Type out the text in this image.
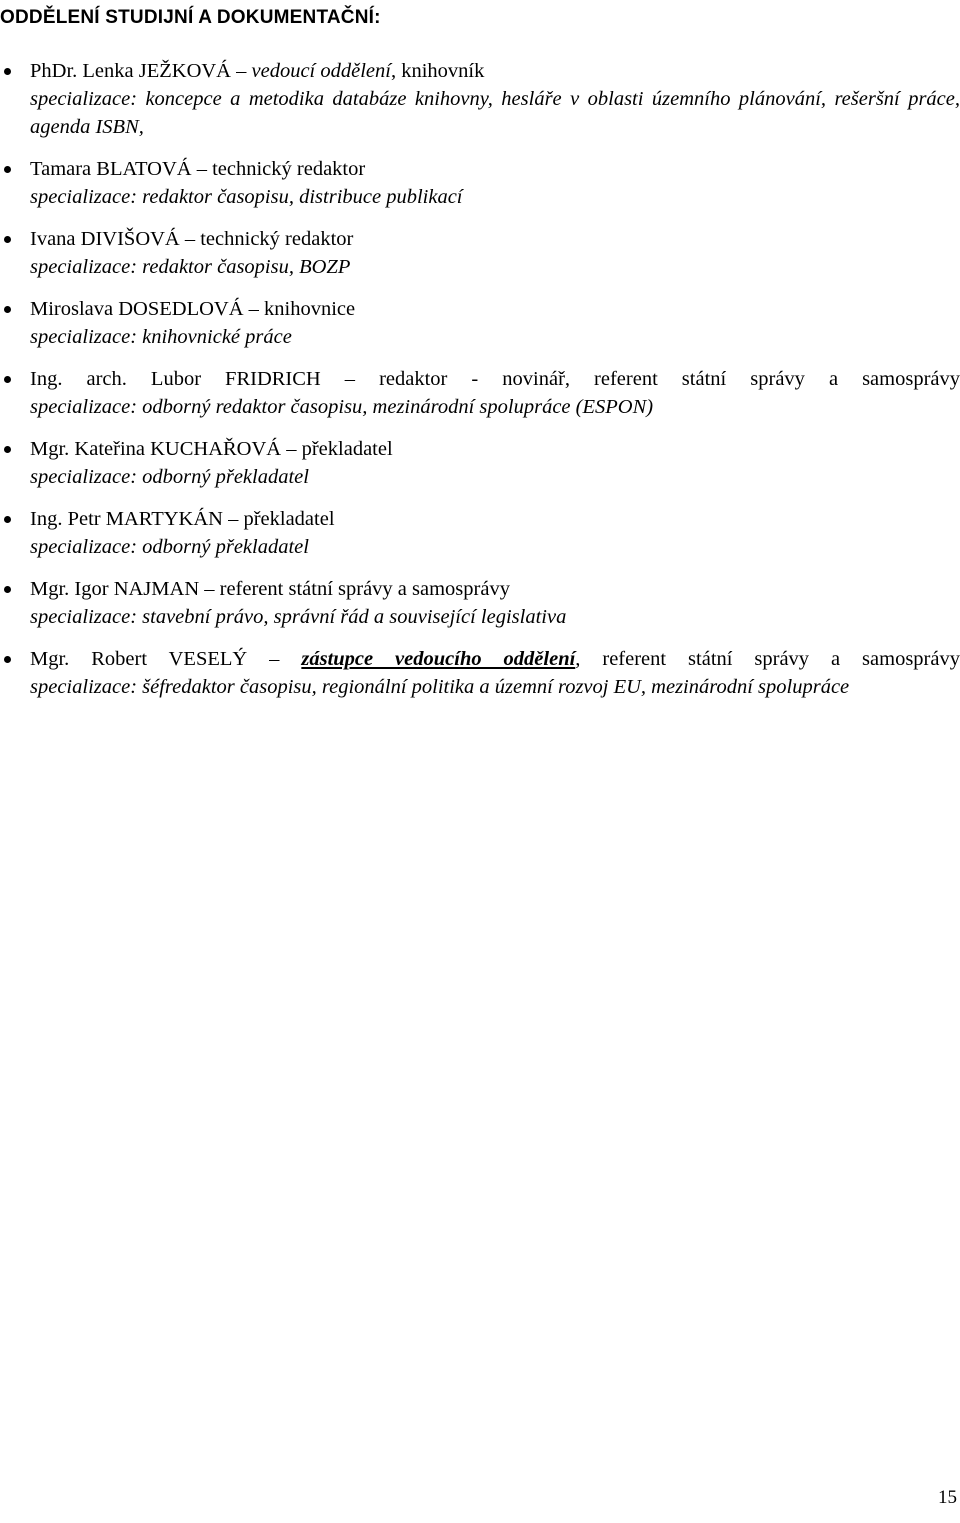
ODDĚLENÍ STUDIJNÍ A DOKUMENTAČNÍ:
PhDr. Lenka JEŽKOVÁ – vedoucí oddělení, knihovník
specializace: koncepce a metodika databáze knihovny, hesláře v oblasti územního plánování, rešeršní práce, agenda ISBN,
Tamara BLATOVÁ – technický redaktor
specializace: redaktor časopisu, distribuce publikací
Ivana DIVIŠOVÁ – technický redaktor
specializace: redaktor časopisu, BOZP
Miroslava DOSEDLOVÁ – knihovnice
specializace: knihovnické práce
Ing. arch. Lubor FRIDRICH – redaktor - novinář, referent státní správy a samosprávy
specializace: odborný redaktor časopisu, mezinárodní spolupráce (ESPON)
Mgr. Kateřina KUCHAŘOVÁ – překladatel
specializace: odborný překladatel
Ing. Petr MARTYKÁN – překladatel
specializace: odborný překladatel
Mgr. Igor NAJMAN – referent státní správy a samosprávy
specializace: stavební právo, správní řád a související legislativa
Mgr. Robert VESELÝ – zástupce vedoucího oddělení, referent státní správy a samosprávy
specializace: šéfredaktor časopisu, regionální politika a územní rozvoj EU, mezinárodní spolupráce
15
